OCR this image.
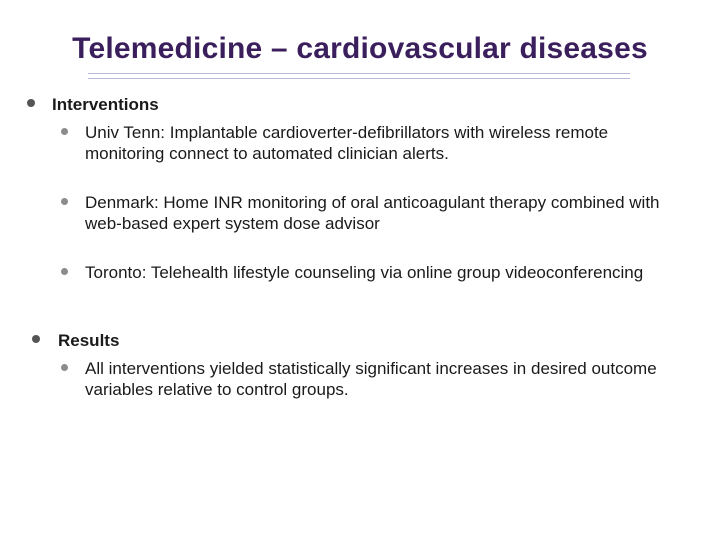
Telemedicine – cardiovascular diseases
Interventions
Univ Tenn: Implantable cardioverter-defibrillators with wireless remote monitoring connect to automated clinician alerts.
Denmark: Home INR monitoring of oral anticoagulant therapy combined with web-based expert system dose advisor
Toronto: Telehealth lifestyle counseling via online group videoconferencing
Results
All interventions yielded statistically significant increases in desired outcome variables relative to control groups.
